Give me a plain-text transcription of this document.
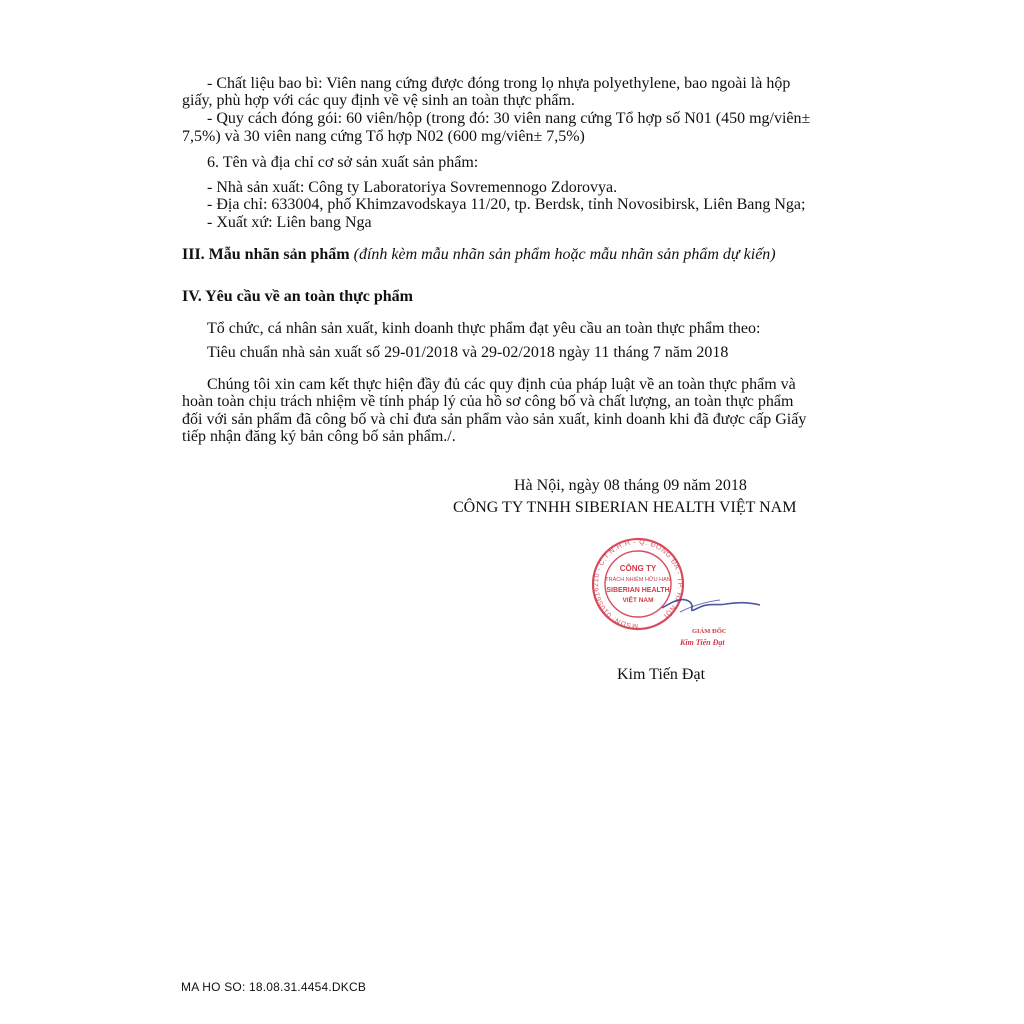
- Chất liệu bao bì: Viên nang cứng được đóng trong lọ nhựa polyethylene, bao ngoài là hộp
giấy, phù hợp với các quy định về vệ sinh an toàn thực phẩm.
- Quy cách đóng gói: 60 viên/hộp (trong đó: 30 viên nang cứng Tổ hợp số N01 (450 mg/viên±
7,5%) và 30 viên nang cứng Tổ hợp N02 (600 mg/viên± 7,5%)
6. Tên và địa chỉ cơ sở sản xuất sản phẩm:
- Nhà sản xuất: Công ty Laboratoriya Sovremennogo Zdorovya.
- Địa chỉ: 633004, phố Khimzavodskaya 11/20, tp. Berdsk, tỉnh Novosibirsk, Liên Bang Nga;
- Xuất xứ: Liên bang Nga
III. Mẫu nhãn sản phẩm (đính kèm mẫu nhãn sản phẩm hoặc mẫu nhãn sản phẩm dự kiến)
IV. Yêu cầu về an toàn thực phẩm
Tổ chức, cá nhân sản xuất, kinh doanh thực phẩm đạt yêu cầu an toàn thực phẩm theo:
Tiêu chuẩn nhà sản xuất số 29-01/2018 và 29-02/2018 ngày 11 tháng 7 năm 2018
Chúng tôi xin cam kết thực hiện đầy đủ các quy định của pháp luật về an toàn thực phẩm và
hoàn toàn chịu trách nhiệm về tính pháp lý của hồ sơ công bố và chất lượng, an toàn thực phẩm
đối với sản phẩm đã công bố và chỉ đưa sản phẩm vào sản xuất, kinh doanh khi đã được cấp Giấy
tiếp nhận đăng ký bản công bố sản phẩm./.
Hà Nội, ngày 08 tháng 09 năm 2018
CÔNG TY TNHH SIBERIAN HEALTH VIỆT NAM
MSDN: 0105616210 - C.T.N.H.H - Q. ĐỐNG ĐA - TP. HÀ NỘI
CÔNG TY
TRÁCH NHIỆM HỮU HẠN
SIBERIAN HEALTH
VIỆT NAM
GIÁM ĐỐC
Kim Tiến Đạt
Kim Tiến Đạt
MA HO SO: 18.08.31.4454.DKCB
